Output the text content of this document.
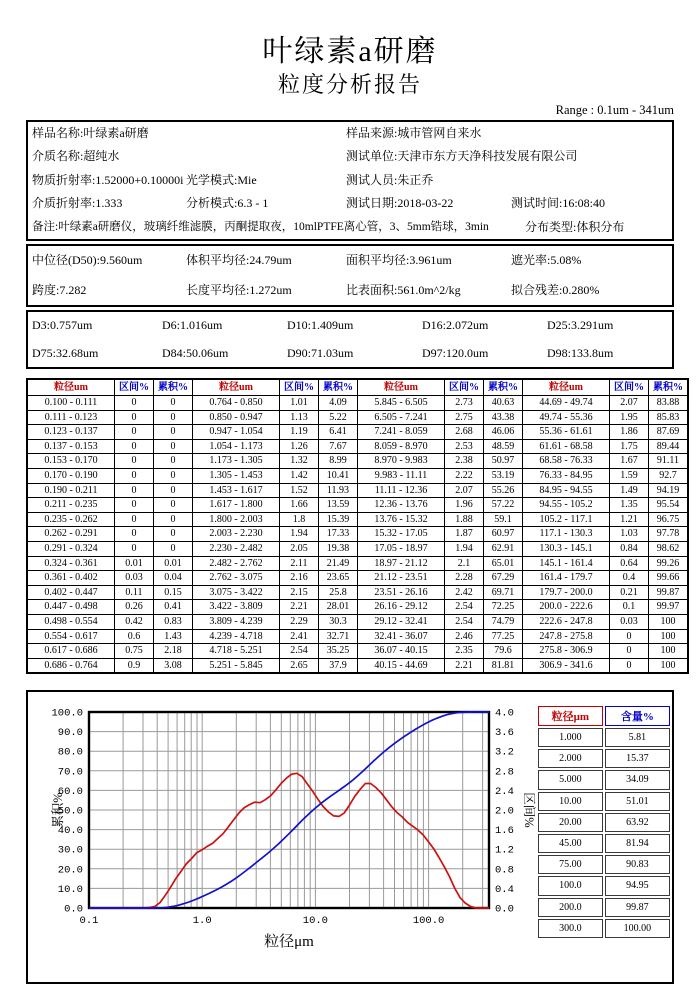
叶绿素a研磨
粒度分析报告
Range : 0.1um - 341um
样品名称:叶绿素a研磨	样品来源:城市管网自来水
介质名称:超纯水	测试单位:天津市东方天净科技发展有限公司
物质折射率:1.52000+0.10000i 光学模式:Mie	测试人员:朱正乔
介质折射率:1.333	分析模式:6.3 - 1	测试日期:2018-03-22	测试时间:16:08:40
备注:叶绿素a研磨仪，玻璃纤维滤膜，丙酮提取夜，10mlPTFE离心管，3、5mm锆球，3min	分布类型:体积分布
中位径(D50):9.560um	体积平均径:24.79um	面积平均径:3.961um	遮光率:5.08%
跨度:7.282	长度平均径:1.272um	比表面积:561.0m^2/kg	拟合残差:0.280%
D3:0.757um	D6:1.016um	D10:1.409um	D16:2.072um	D25:3.291um
D75:32.68um	D84:50.06um	D90:71.03um	D97:120.0um	D98:133.8um
粒径um	区间%	累积%	粒径um	区间%	累积%	粒径um	区间%	累积%	粒径um	区间%	累积%
0.100 - 0.111	0	0	0.764 - 0.850	1.01	4.09	5.845 - 6.505	2.73	40.63	44.69 - 49.74	2.07	83.88
0.111 - 0.123	0	0	0.850 - 0.947	1.13	5.22	6.505 - 7.241	2.75	43.38	49.74 - 55.36	1.95	85.83
0.123 - 0.137	0	0	0.947 - 1.054	1.19	6.41	7.241 - 8.059	2.68	46.06	55.36 - 61.61	1.86	87.69
0.137 - 0.153	0	0	1.054 - 1.173	1.26	7.67	8.059 - 8.970	2.53	48.59	61.61 - 68.58	1.75	89.44
0.153 - 0.170	0	0	1.173 - 1.305	1.32	8.99	8.970 - 9.983	2.38	50.97	68.58 - 76.33	1.67	91.11
0.170 - 0.190	0	0	1.305 - 1.453	1.42	10.41	9.983 - 11.11	2.22	53.19	76.33 - 84.95	1.59	92.7
0.190 - 0.211	0	0	1.453 - 1.617	1.52	11.93	11.11 - 12.36	2.07	55.26	84.95 - 94.55	1.49	94.19
0.211 - 0.235	0	0	1.617 - 1.800	1.66	13.59	12.36 - 13.76	1.96	57.22	94.55 - 105.2	1.35	95.54
0.235 - 0.262	0	0	1.800 - 2.003	1.8	15.39	13.76 - 15.32	1.88	59.1	105.2 - 117.1	1.21	96.75
0.262 - 0.291	0	0	2.003 - 2.230	1.94	17.33	15.32 - 17.05	1.87	60.97	117.1 - 130.3	1.03	97.78
0.291 - 0.324	0	0	2.230 - 2.482	2.05	19.38	17.05 - 18.97	1.94	62.91	130.3 - 145.1	0.84	98.62
0.324 - 0.361	0.01	0.01	2.482 - 2.762	2.11	21.49	18.97 - 21.12	2.1	65.01	145.1 - 161.4	0.64	99.26
0.361 - 0.402	0.03	0.04	2.762 - 3.075	2.16	23.65	21.12 - 23.51	2.28	67.29	161.4 - 179.7	0.4	99.66
0.402 - 0.447	0.11	0.15	3.075 - 3.422	2.15	25.8	23.51 - 26.16	2.42	69.71	179.7 - 200.0	0.21	99.87
0.447 - 0.498	0.26	0.41	3.422 - 3.809	2.21	28.01	26.16 - 29.12	2.54	72.25	200.0 - 222.6	0.1	99.97
0.498 - 0.554	0.42	0.83	3.809 - 4.239	2.29	30.3	29.12 - 32.41	2.54	74.79	222.6 - 247.8	0.03	100
0.554 - 0.617	0.6	1.43	4.239 - 4.718	2.41	32.71	32.41 - 36.07	2.46	77.25	247.8 - 275.8	0	100
0.617 - 0.686	0.75	2.18	4.718 - 5.251	2.54	35.25	36.07 - 40.15	2.35	79.6	275.8 - 306.9	0	100
0.686 - 0.764	0.9	3.08	5.251 - 5.845	2.65	37.9	40.15 - 44.69	2.21	81.81	306.9 - 341.6	0	100
100.0	4.0
90.0	3.6
80.0	3.2
70.0	2.8
60.0	2.4
50.0	2.0
40.0	1.6
30.0	1.2
20.0	0.8
10.0	0.4
0.0	0.0
0.1	1.0	10.0	100.0
粒径μm
累积%	区间%
粒径μm	含量%
1.000	5.81
2.000	15.37
5.000	34.09
10.00	51.01
20.00	63.92
45.00	81.94
75.00	90.83
100.0	94.95
200.0	99.87
300.0	100.00
